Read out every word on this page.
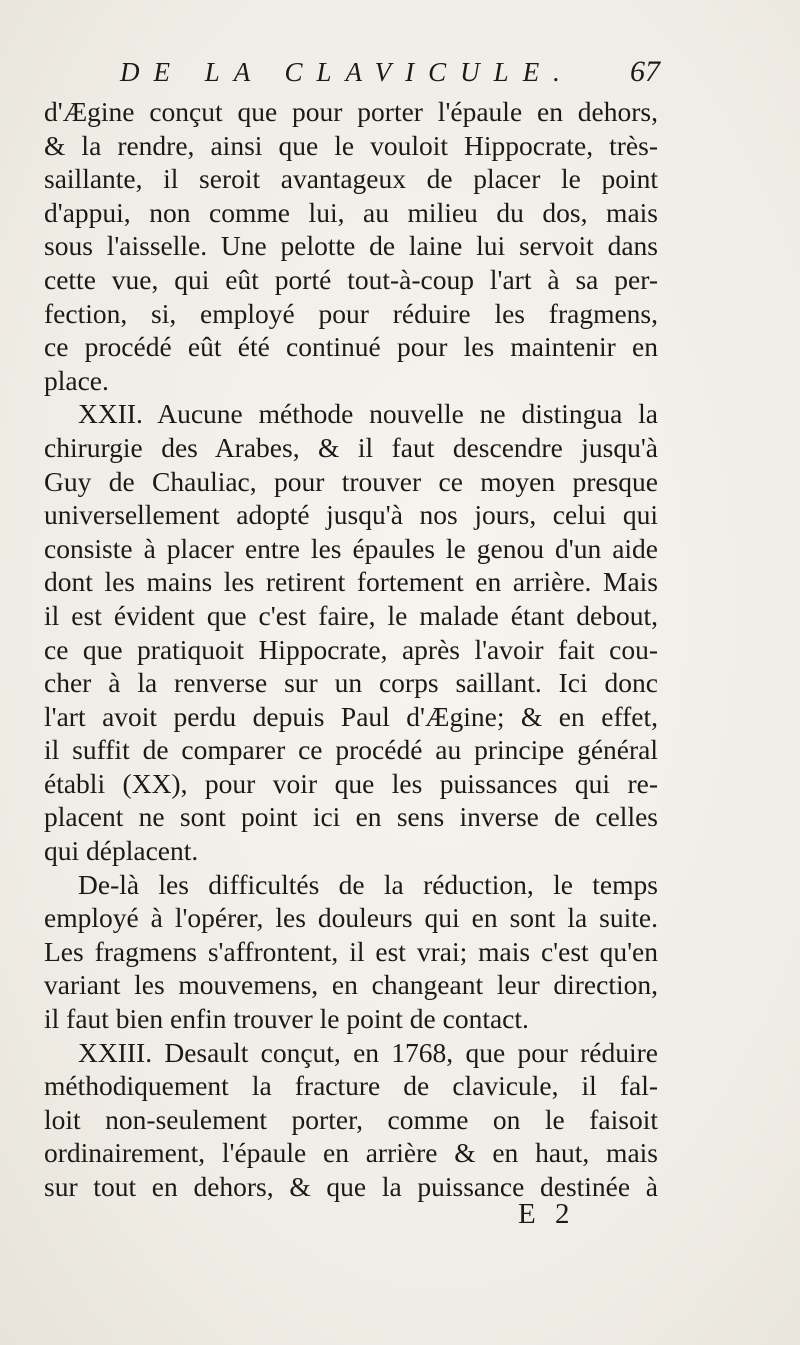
DE LA CLAVICULE. 67
d'Ægine conçut que pour porter l'épaule en dehors,
& la rendre, ainsi que le vouloit Hippocrate, très-
saillante, il seroit avantageux de placer le point
d'appui, non comme lui, au milieu du dos, mais
sous l'aisselle. Une pelotte de laine lui servoit dans
cette vue, qui eût porté tout-à-coup l'art à sa per-
fection, si, employé pour réduire les fragmens,
ce procédé eût été continué pour les maintenir en
place.
XXII. Aucune méthode nouvelle ne distingua la
chirurgie des Arabes, & il faut descendre jusqu'à
Guy de Chauliac, pour trouver ce moyen presque
universellement adopté jusqu'à nos jours, celui qui
consiste à placer entre les épaules le genou d'un aide
dont les mains les retirent fortement en arrière. Mais
il est évident que c'est faire, le malade étant debout,
ce que pratiquoit Hippocrate, après l'avoir fait cou-
cher à la renverse sur un corps saillant. Ici donc
l'art avoit perdu depuis Paul d'Ægine; & en effet,
il suffit de comparer ce procédé au principe général
établi (XX), pour voir que les puissances qui re-
placent ne sont point ici en sens inverse de celles
qui déplacent.
De-là les difficultés de la réduction, le temps
employé à l'opérer, les douleurs qui en sont la suite.
Les fragmens s'affrontent, il est vrai; mais c'est qu'en
variant les mouvemens, en changeant leur direction,
il faut bien enfin trouver le point de contact.
XXIII. Desault conçut, en 1768, que pour réduire
méthodiquement la fracture de clavicule, il fal-
loit non-seulement porter, comme on le faisoit
ordinairement, l'épaule en arrière & en haut, mais
sur tout en dehors, & que la puissance destinée à
E 2
